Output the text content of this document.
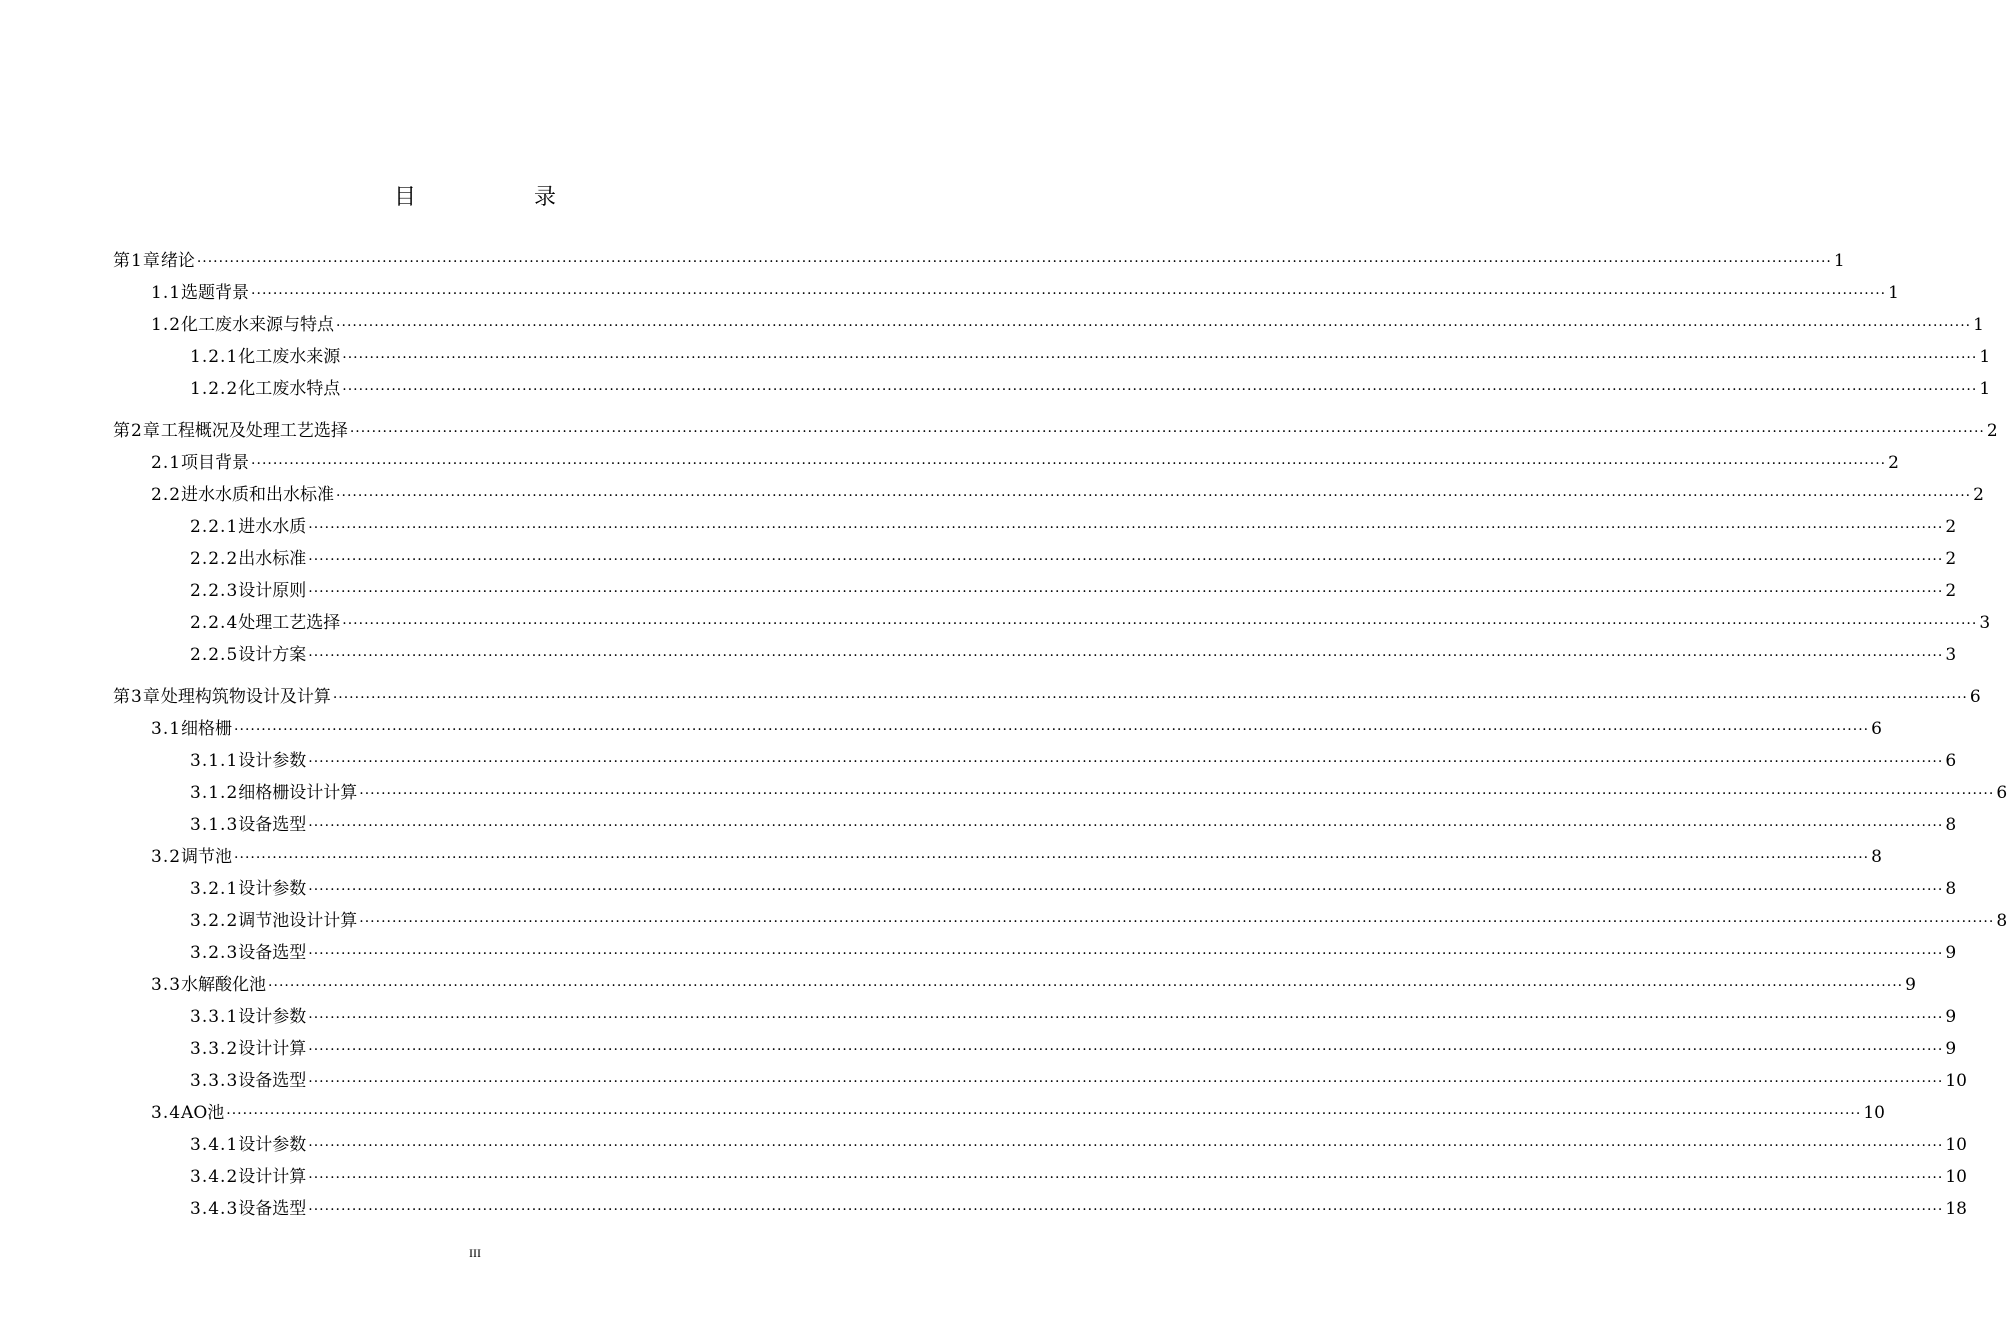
目　录
第1章 绪论 ············································································································································································································································································································ 1
1.1 选题背景 ············································································································································································································································································································ 1
1.2 化工废水来源与特点 ············································································································································································································································································································ 1
1.2.1 化工废水来源 ············································································································································································································································································································ 1
1.2.2 化工废水特点 ············································································································································································································································································································ 1
第2章 工程概况及处理工艺选择 ············································································································································································································································································································ 2
2.1 项目背景 ············································································································································································································································································································ 2
2.2 进水水质和出水标准 ············································································································································································································································································································ 2
2.2.1 进水水质 ············································································································································································································································································································ 2
2.2.2 出水标准 ············································································································································································································································································································ 2
2.2.3 设计原则 ············································································································································································································································································································ 2
2.2.4 处理工艺选择 ············································································································································································································································································································ 3
2.2.5 设计方案 ············································································································································································································································································································ 3
第3章 处理构筑物设计及计算 ············································································································································································································································································································ 6
3.1 细格栅 ············································································································································································································································································································ 6
3.1.1 设计参数 ············································································································································································································································································································ 6
3.1.2 细格栅设计计算 ············································································································································································································································································································ 6
3.1.3 设备选型 ············································································································································································································································································································ 8
3.2 调节池 ············································································································································································································································································································ 8
3.2.1 设计参数 ············································································································································································································································································································ 8
3.2.2 调节池设计计算 ············································································································································································································································································································ 8
3.2.3 设备选型 ············································································································································································································································································································ 9
3.3 水解酸化池 ············································································································································································································································································································ 9
3.3.1 设计参数 ············································································································································································································································································································ 9
3.3.2 设计计算 ············································································································································································································································································································ 9
3.3.3 设备选型 ············································································································································································································································································································ 10
3.4 AO池 ············································································································································································································································································································ 10
3.4.1 设计参数 ············································································································································································································································································································ 10
3.4.2 设计计算 ············································································································································································································································································································ 10
3.4.3 设备选型 ············································································································································································································································································································ 18
III
